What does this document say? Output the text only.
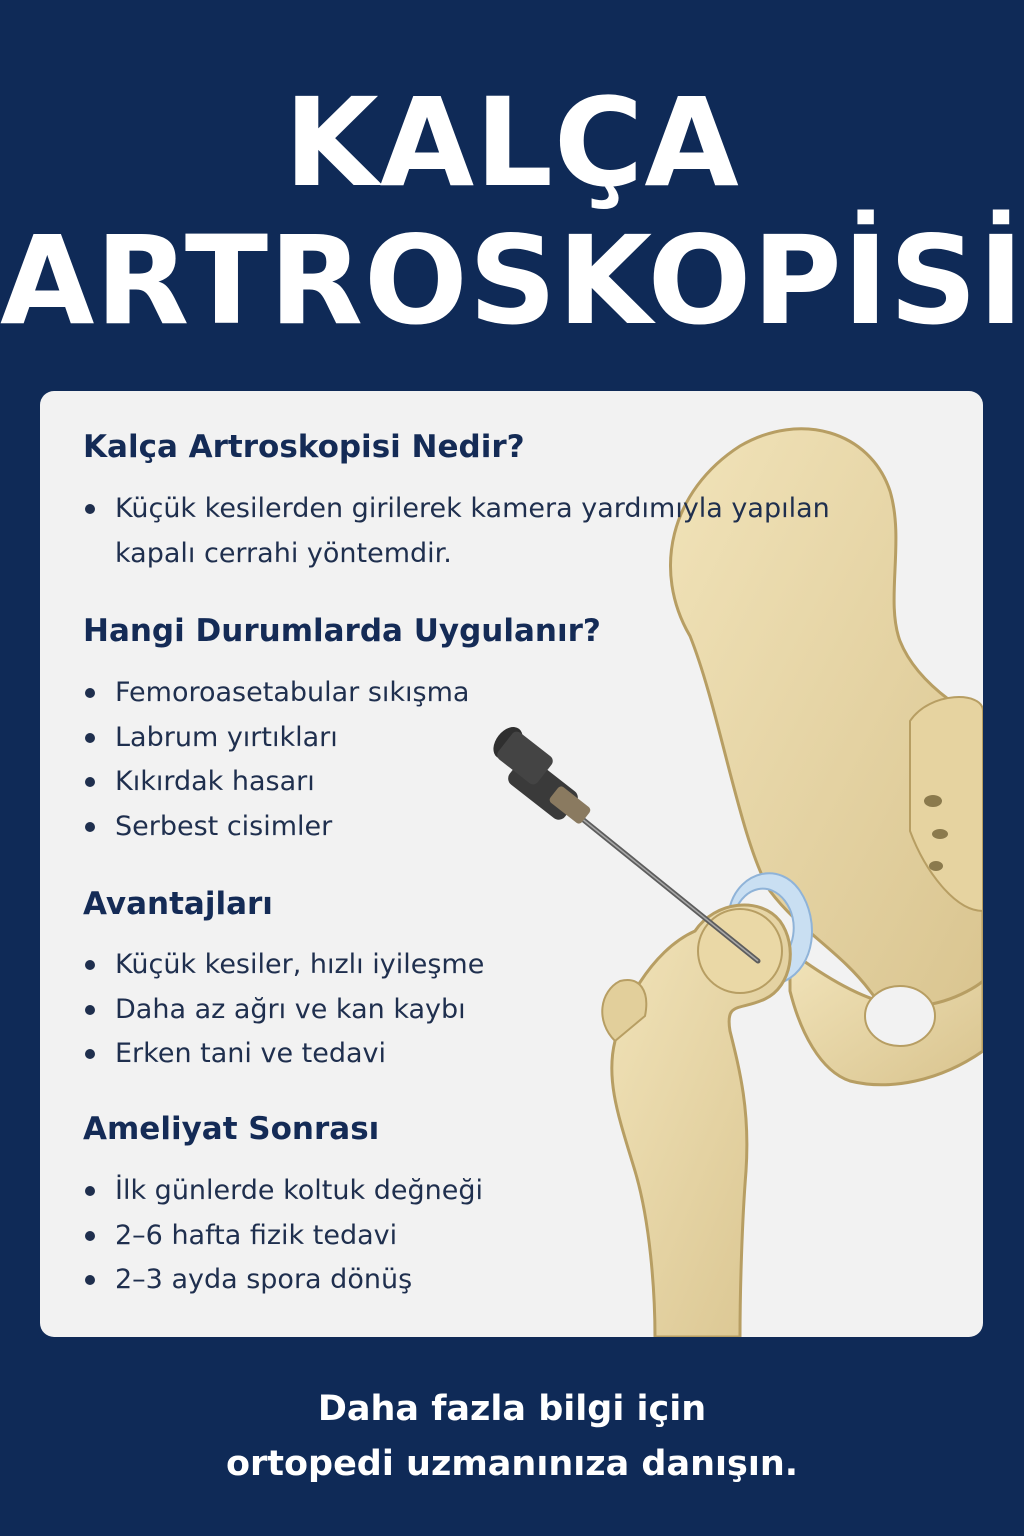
KALÇA
ARTROSKOPİSİ
Kalça Artroskopisi Nedir?
Küçük kesilerden girilerek kamera yardımıyla yapılan
kapalı cerrahi yöntemdir.
Hangi Durumlarda Uygulanır?
Femoroasetabular sıkışma
Labrum yırtıkları
Kıkırdak hasarı
Serbest cisimler
Avantajları
Küçük kesiler, hızlı iyileşme
Daha az ağrı ve kan kaybı
Erken tani ve tedavi
Ameliyat Sonrası
İlk günlerde koltuk değneği
2–6 hafta fizik tedavi
2–3 ayda spora dönüş
Daha fazla bilgi için
ortopedi uzmanınıza danışın.
